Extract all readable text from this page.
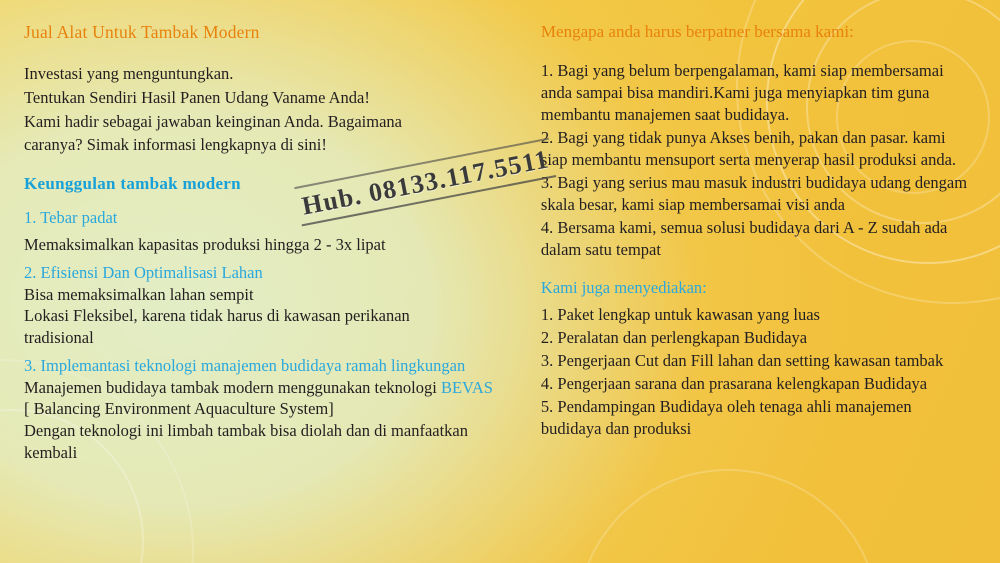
Jual Alat Untuk Tambak Modern
Investasi yang menguntungkan.
Tentukan Sendiri Hasil Panen Udang Vaname Anda!
Kami hadir sebagai jawaban keinginan Anda. Bagaimana
caranya? Simak informasi lengkapnya di sini!
Keunggulan tambak modern
1. Tebar padat
Memaksimalkan kapasitas produksi hingga 2 - 3x lipat
2. Efisiensi Dan Optimalisasi Lahan
Bisa memaksimalkan lahan sempit
Lokasi Fleksibel, karena tidak harus di kawasan perikanan
tradisional
3. Implemantasi teknologi manajemen budidaya ramah lingkungan
Manajemen budidaya tambak modern menggunakan teknologi BEVAS [ Balancing Environment Aquaculture System]
Dengan teknologi ini limbah tambak bisa diolah dan di manfaatkan kembali
Mengapa anda harus berpatner bersama kami:
1. Bagi yang belum berpengalaman, kami siap membersamai anda sampai bisa mandiri.Kami juga menyiapkan tim guna membantu manajemen saat budidaya.
2. Bagi yang tidak punya Akses benih, pakan dan pasar. kami siap membantu mensuport serta menyerap hasil produksi anda.
3. Bagi yang serius mau masuk industri budidaya udang dengam skala besar, kami siap membersamai visi anda
4. Bersama kami, semua solusi budidaya dari A - Z sudah ada dalam satu tempat
Kami juga menyediakan:
1. Paket lengkap untuk kawasan yang luas
2. Peralatan dan perlengkapan Budidaya
3. Pengerjaan Cut dan Fill lahan dan setting kawasan tambak
4. Pengerjaan sarana dan prasarana kelengkapan Budidaya
5. Pendampingan Budidaya oleh tenaga ahli manajemen budidaya dan produksi
Hub. 08133.117.5511
